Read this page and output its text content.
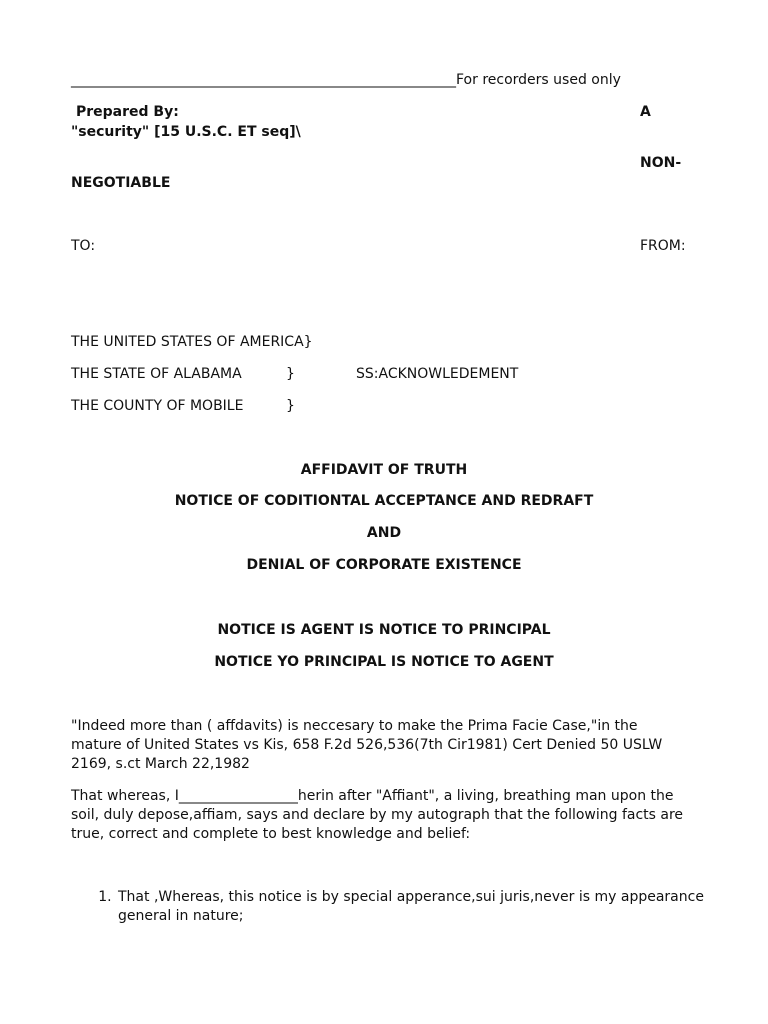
_______________________________________________________For recorders used only
Prepared By:	A
"security" [15 U.S.C. ET seq]\
NON-
NEGOTIABLE
TO:	FROM:
THE UNITED STATES OF AMERICA}
THE STATE OF ALABAMA	}	SS:ACKNOWLEDEMENT
THE COUNTY OF MOBILE	}
AFFIDAVIT OF TRUTH
NOTICE OF CODITIONTAL ACCEPTANCE AND REDRAFT
AND
DENIAL OF CORPORATE EXISTENCE
NOTICE IS AGENT IS NOTICE TO PRINCIPAL
NOTICE YO PRINCIPAL IS NOTICE TO AGENT
"Indeed more than ( affdavits) is neccesary to make the Prima Facie Case,"in the mature of United States vs Kis, 658 F.2d 526,536(7th Cir1981) Cert Denied 50 USLW 2169, s.ct March 22,1982
That whereas, I_________________herin after "Affiant", a living, breathing man upon the soil, duly depose,affiam, says and declare by my autograph that the following facts are true, correct and complete to best knowledge and belief:
1. That ,Whereas, this notice is by special apperance,sui juris,never is my appearance general in nature;
